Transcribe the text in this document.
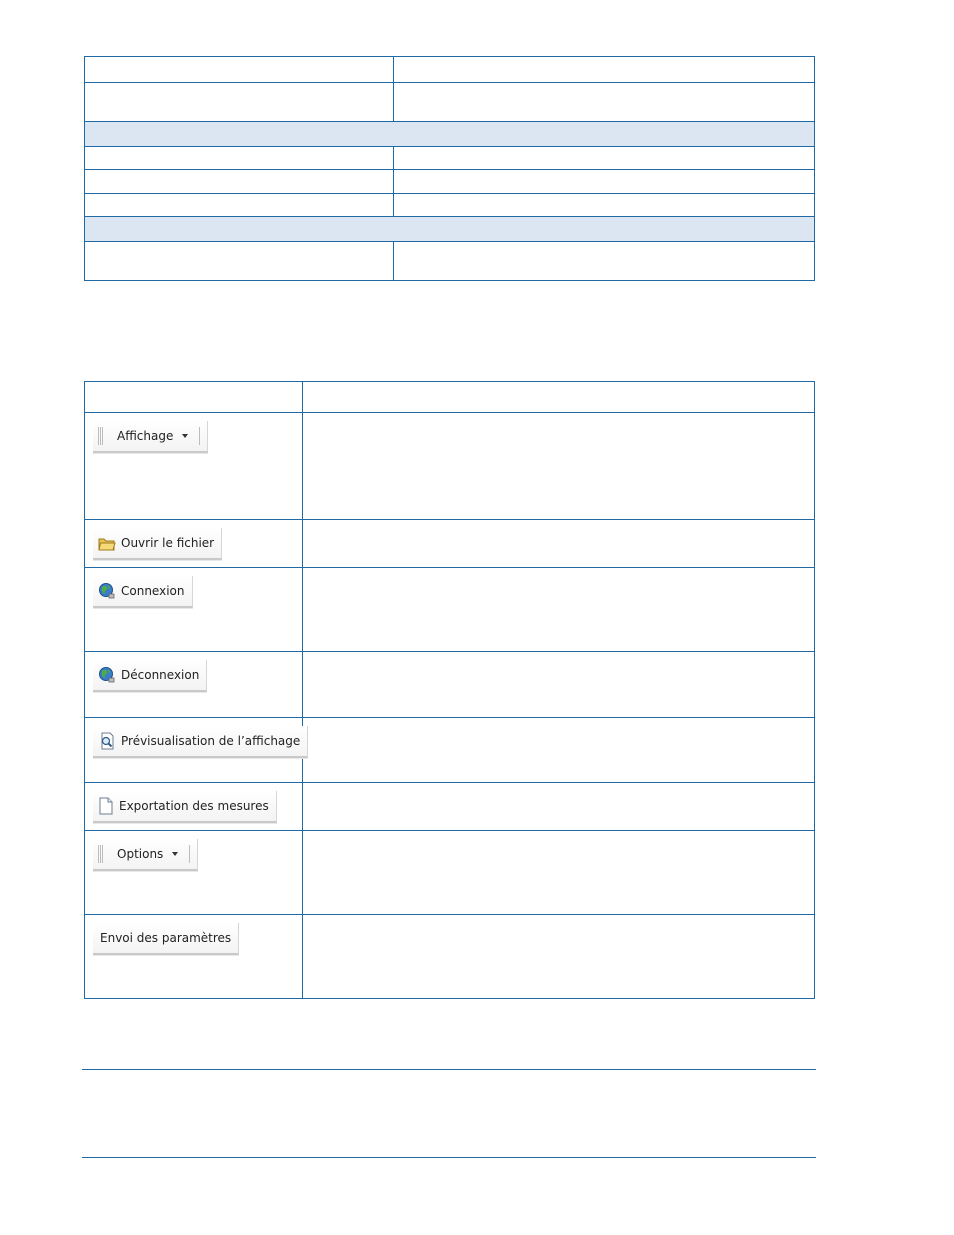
Affichage	

Ouvrir le fichier	

Connexion	

Déconnexion	

Prévisualisation de l’affichage	

Exportation des mesures	

Options	

Envoi des paramètres	
